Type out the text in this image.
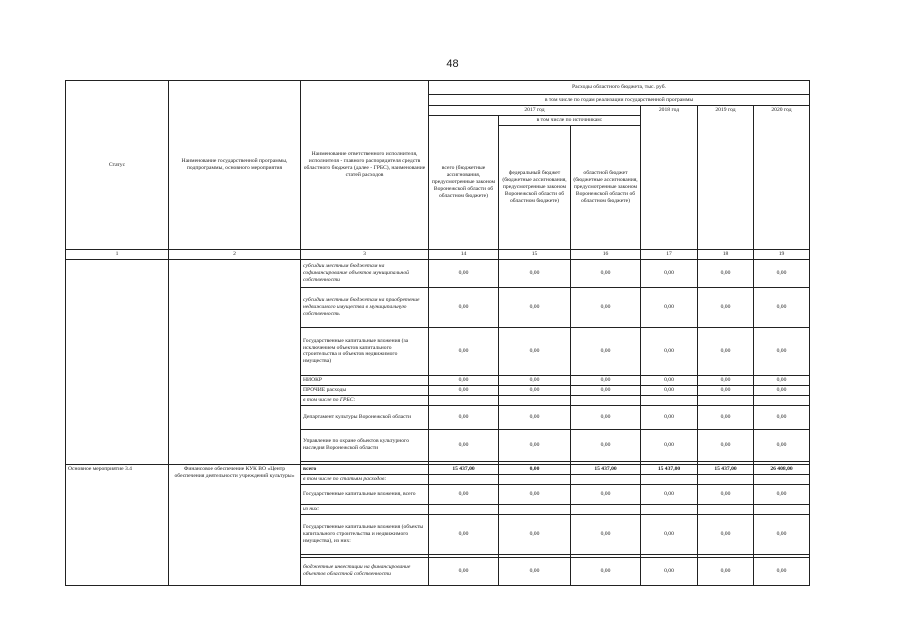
48
Статус	Наименование государственной программы, подпрограммы, основного мероприятия	Наименование ответственного исполнителя, исполнителя - главного распорядителя средств областного бюджета (далее - ГРБС), наименование статей расходов	Расходы областного бюджета, тыс. руб.					
			в том числе по годам реализации государственной программы					
			2017 год			2018 год	2019 год	2020 год
			всего (бюджетные ассигнования, предусмотренные законом Воронежской области об областном бюджете)	в том числе по источникам:				
				федеральный бюджет (бюджетные ассигнования, предусмотренные законом Воронежской области об областном бюджете)	областной бюджет (бюджетные ассигнования, предусмотренные законом Воронежской области об областном бюджете)			
1	2	3	14	15	16	17	18	19
		субсидии местным бюджетам на софинансирование объектов муниципальной собственности	0,00	0,00	0,00	0,00	0,00	0,00
		субсидии местным бюджетам на приобретение недвижимого имущества в муниципальную собственность	0,00	0,00	0,00	0,00	0,00	0,00
		Государственные капитальные вложения (за исключением объектов капитального строительства и объектов недвижимого имущества)	0,00	0,00	0,00	0,00	0,00	0,00
		НИОКР	0,00	0,00	0,00	0,00	0,00	0,00
		ПРОЧИЕ расходы	0,00	0,00	0,00	0,00	0,00	0,00
		в том числе по ГРБС:						
		Департамент культуры Воронежской области	0,00	0,00	0,00	0,00	0,00	0,00
		Управление по охране объектов культурного наследия Воронежской области	0,00	0,00	0,00	0,00	0,00	0,00

Основное мероприятие 3.4	Финансовое обеспечение КУК ВО «Центр обеспечения деятельности учреждений культуры»	всего	15 437,00	0,00	15 437,00	15 437,00	15 437,00	26 408,00
		в том числе по статьям расходов:						
		Государственные капитальные вложения, всего	0,00	0,00	0,00	0,00	0,00	0,00
		из них:						
		Государственные капитальные вложения (объекты капитального строительства и недвижимого имущества), из них:	0,00	0,00	0,00	0,00	0,00	0,00

		бюджетные инвестиции на финансирование объектов областной собственности	0,00	0,00	0,00	0,00	0,00	0,00
